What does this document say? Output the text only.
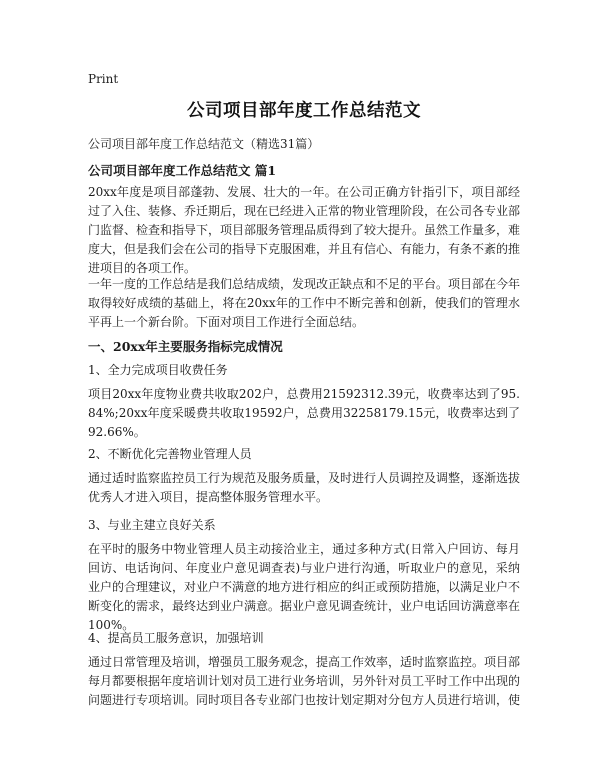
Print
公司项目部年度工作总结范文
公司项目部年度工作总结范文（精选31篇）
公司项目部年度工作总结范文 篇1
20xx年度是项目部蓬勃、发展、壮大的一年。在公司正确方针指引下，项目部经过了入住、装修、乔迁期后，现在已经进入正常的物业管理阶段，在公司各专业部门监督、检查和指导下，项目部服务管理品质得到了较大提升。虽然工作量多，难度大，但是我们会在公司的指导下克服困难，并且有信心、有能力，有条不紊的推进项目的各项工作。
一年一度的工作总结是我们总结成绩，发现改正缺点和不足的平台。项目部在今年取得较好成绩的基础上，将在20xx年的工作中不断完善和创新，使我们的管理水平再上一个新台阶。下面对项目工作进行全面总结。
一、20xx年主要服务指标完成情况
1、全力完成项目收费任务
项目20xx年度物业费共收取202户，总费用21592312.39元，收费率达到了95.84%;20xx年度采暖费共收取19592户，总费用32258179.15元，收费率达到了92.66%。
2、不断优化完善物业管理人员
通过适时监察监控员工行为规范及服务质量，及时进行人员调控及调整，逐渐选拔优秀人才进入项目，提高整体服务管理水平。
3、与业主建立良好关系
在平时的服务中物业管理人员主动接洽业主，通过多种方式(日常入户回访、每月回访、电话询问、年度业户意见调查表)与业户进行沟通，听取业户的意见，采纳业户的合理建议，对业户不满意的地方进行相应的纠正或预防措施，以满足业户不断变化的需求，最终达到业户满意。据业户意见调查统计，业户电话回访满意率在100%。
4、提高员工服务意识，加强培训
通过日常管理及培训，增强员工服务观念，提高工作效率，适时监察监控。项目部每月都要根据年度培训计划对员工进行业务培训，另外针对员工平时工作中出现的问题进行专项培训。同时项目各专业部门也按计划定期对分包方人员进行培训，使
